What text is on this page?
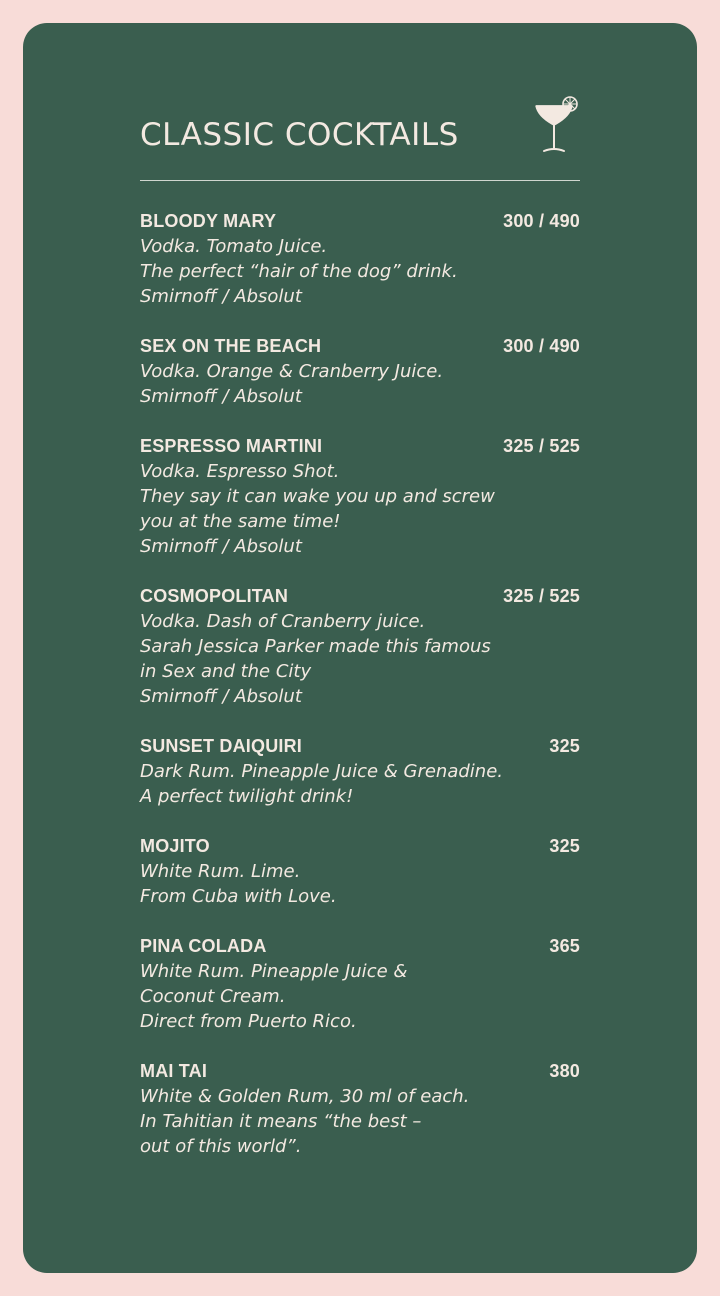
CLASSIC COCKTAILS
BLOODY MARY	300 / 490
Vodka. Tomato Juice.
The perfect “hair of the dog” drink.
Smirnoff / Absolut
SEX ON THE BEACH	300 / 490
Vodka. Orange & Cranberry Juice.
Smirnoff / Absolut
ESPRESSO MARTINI	325 / 525
Vodka. Espresso Shot.
They say it can wake you up and screw
you at the same time!
Smirnoff / Absolut
COSMOPOLITAN	325 / 525
Vodka. Dash of Cranberry juice.
Sarah Jessica Parker made this famous
in Sex and the City
Smirnoff / Absolut
SUNSET DAIQUIRI	325
Dark Rum. Pineapple Juice & Grenadine.
A perfect twilight drink!
MOJITO	325
White Rum. Lime.
From Cuba with Love.
PINA COLADA	365
White Rum. Pineapple Juice &
Coconut Cream.
Direct from Puerto Rico.
MAI TAI	380
White & Golden Rum, 30 ml of each.
In Tahitian it means “the best –
out of this world”.
